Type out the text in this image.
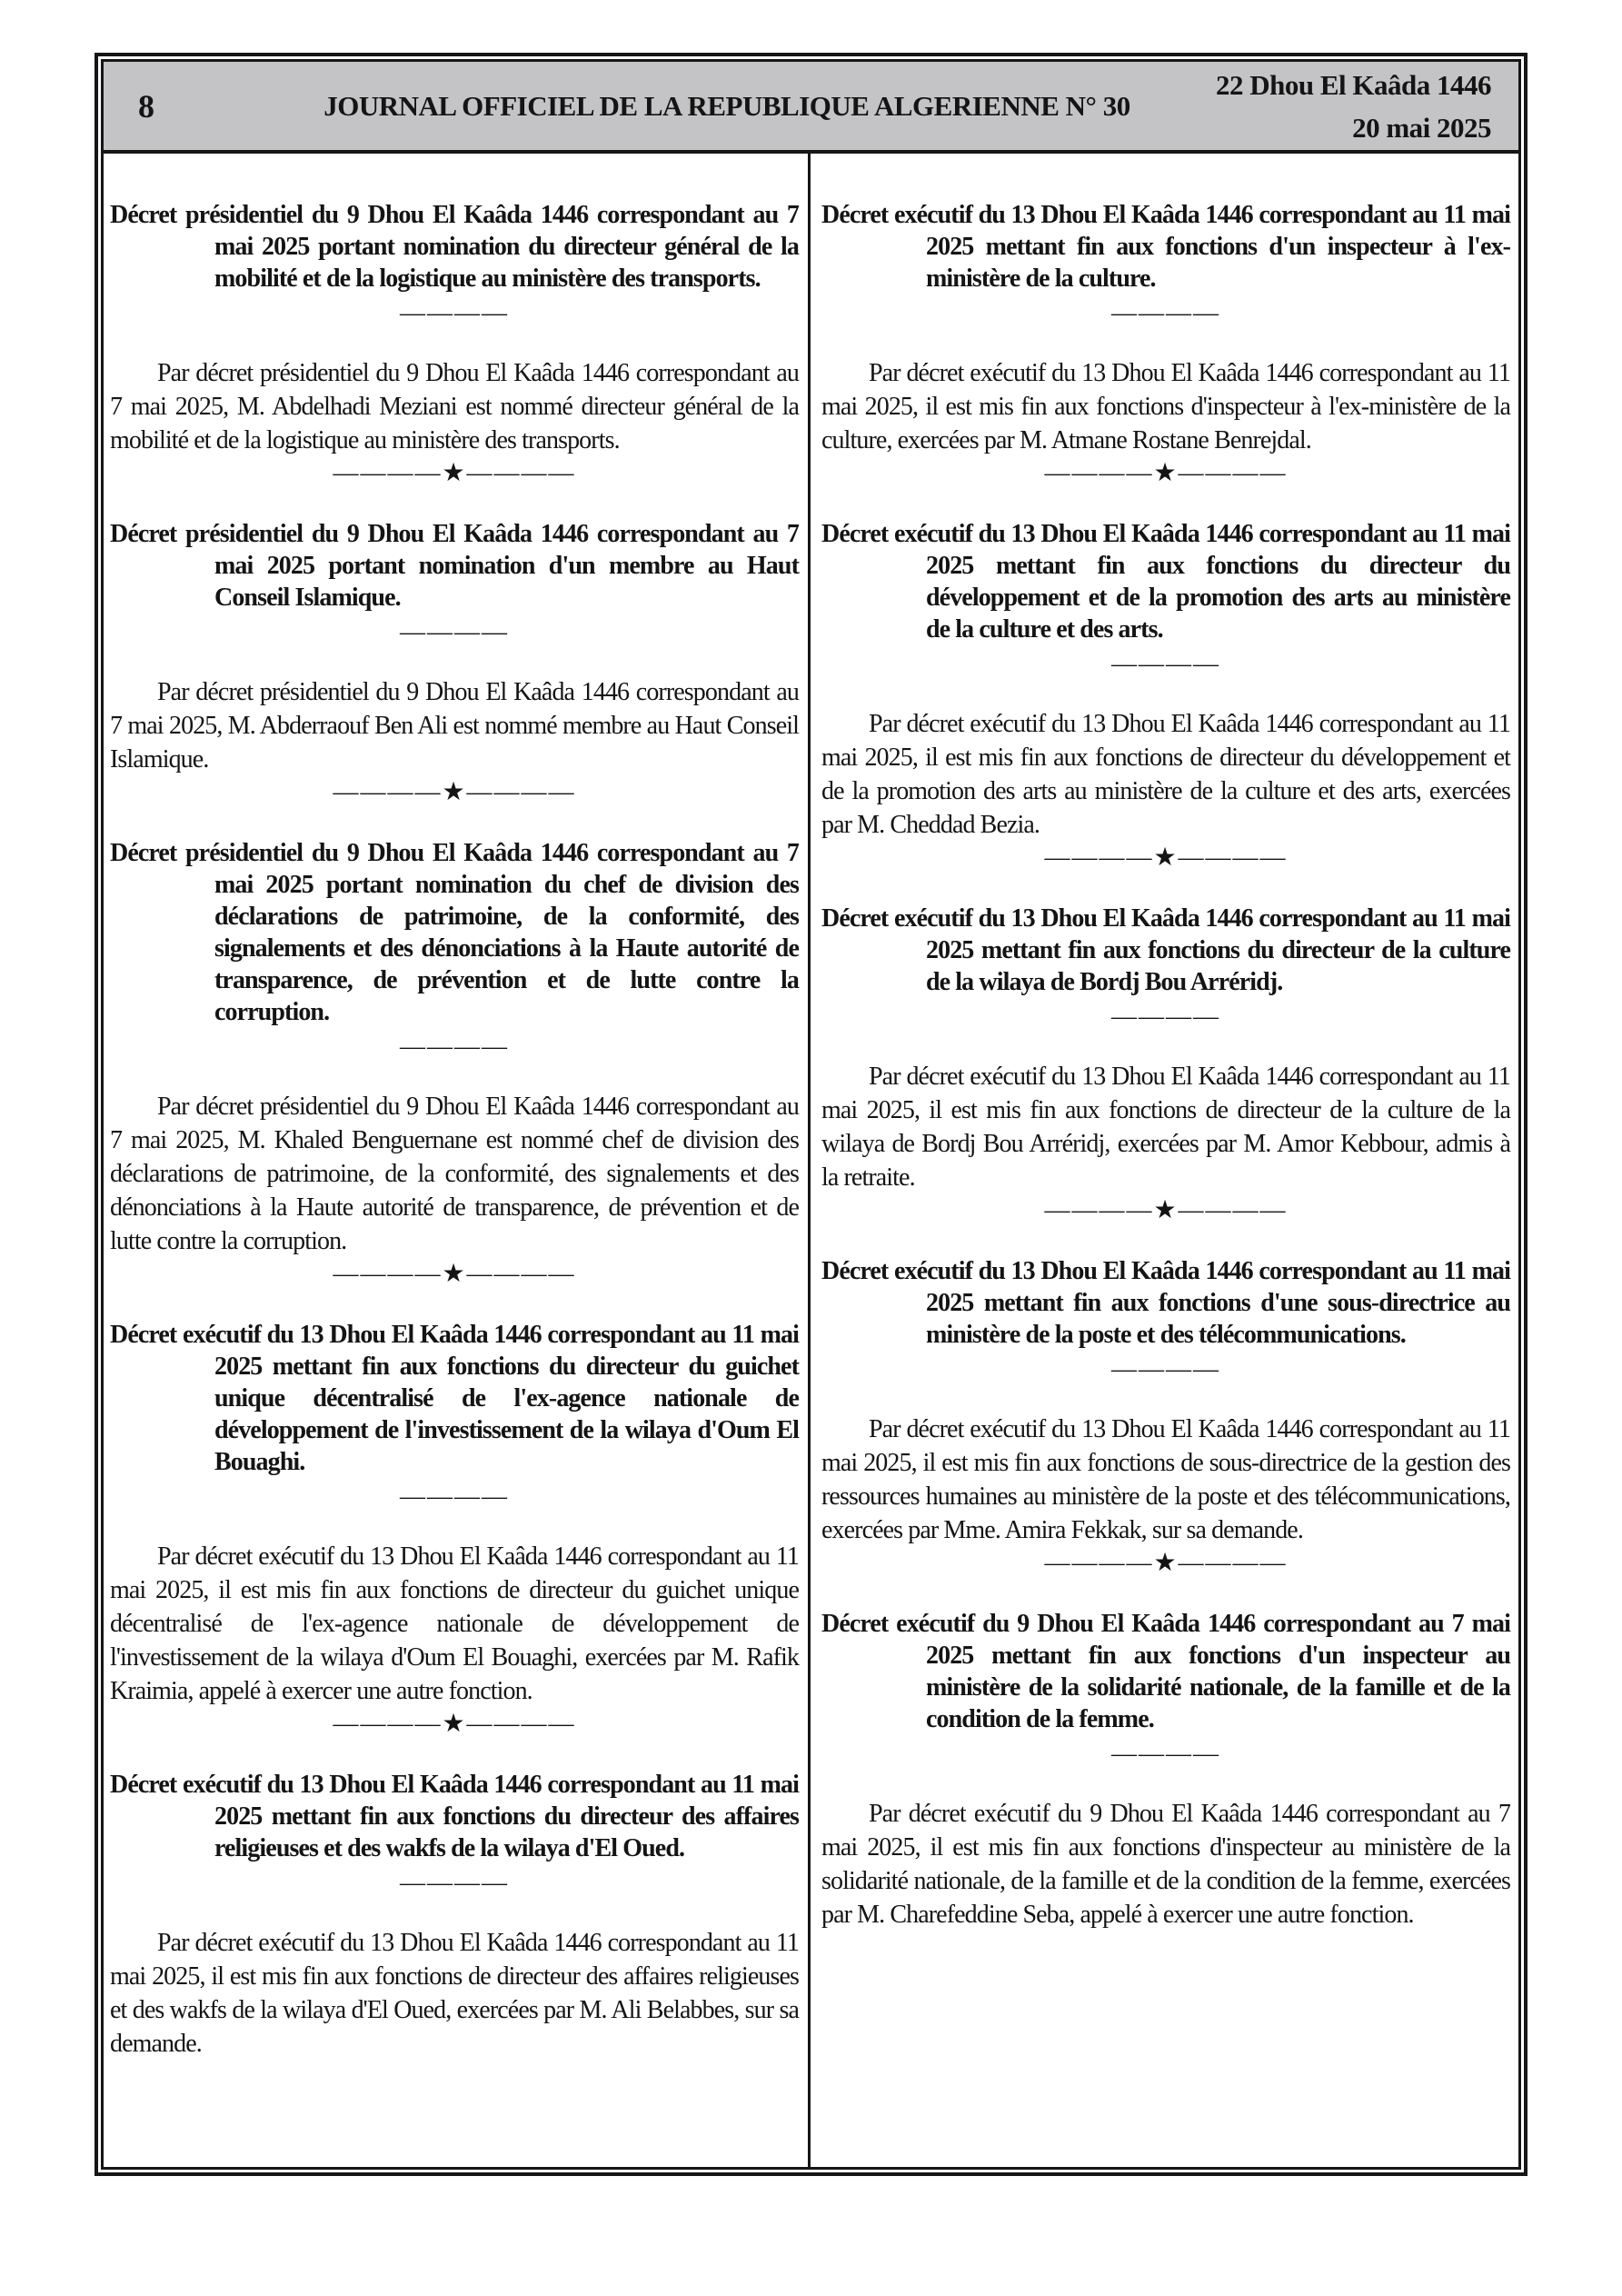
8	JOURNAL OFFICIEL DE LA REPUBLIQUE ALGERIENNE N° 30
22 Dhou El Kaâda 1446
20 mai 2025

Décret présidentiel du 9 Dhou El Kaâda 1446 correspondant au 7 mai 2025 portant nomination du directeur général de la mobilité et de la logistique au ministère des transports.

————

Par décret présidentiel du 9 Dhou El Kaâda 1446 correspondant au 7 mai 2025, M. Abdelhadi Meziani est nommé directeur général de la mobilité et de la logistique au ministère des transports.

————★————

Décret présidentiel du 9 Dhou El Kaâda 1446 correspondant au 7 mai 2025 portant nomination d'un membre au Haut Conseil Islamique.

————

Par décret présidentiel du 9 Dhou El Kaâda 1446 correspondant au 7 mai 2025, M. Abderraouf Ben Ali est nommé membre au Haut Conseil Islamique.

————★————

Décret présidentiel du 9 Dhou El Kaâda 1446 correspondant au 7 mai 2025 portant nomination du chef de division des déclarations de patrimoine, de la conformité, des signalements et des dénonciations à la Haute autorité de transparence, de prévention et de lutte contre la corruption.

————

Par décret présidentiel du 9 Dhou El Kaâda 1446 correspondant au 7 mai 2025, M. Khaled Benguernane est nommé chef de division des déclarations de patrimoine, de la conformité, des signalements et des dénonciations à la Haute autorité de transparence, de prévention et de lutte contre la corruption.

————★————

Décret exécutif du 13 Dhou El Kaâda 1446 correspondant au 11 mai 2025 mettant fin aux fonctions du directeur du guichet unique décentralisé de l'ex-agence nationale de développement de l'investissement de la wilaya d'Oum El Bouaghi.

————

Par décret exécutif du 13 Dhou El Kaâda 1446 correspondant au 11 mai 2025, il est mis fin aux fonctions de directeur du guichet unique décentralisé de l'ex-agence nationale de développement de l'investissement de la wilaya d'Oum El Bouaghi, exercées par M. Rafik Kraimia, appelé à exercer une autre fonction.

————★————

Décret exécutif du 13 Dhou El Kaâda 1446 correspondant au 11 mai 2025 mettant fin aux fonctions du directeur des affaires religieuses et des wakfs de la wilaya d'El Oued.

————

Par décret exécutif du 13 Dhou El Kaâda 1446 correspondant au 11 mai 2025, il est mis fin aux fonctions de directeur des affaires religieuses et des wakfs de la wilaya d'El Oued, exercées par M. Ali Belabbes, sur sa demande.

Décret exécutif du 13 Dhou El Kaâda 1446 correspondant au 11 mai 2025 mettant fin aux fonctions d'un inspecteur à l'ex-ministère de la culture.

————

Par décret exécutif du 13 Dhou El Kaâda 1446 correspondant au 11 mai 2025, il est mis fin aux fonctions d'inspecteur à l'ex-ministère de la culture, exercées par M. Atmane Rostane Benrejdal.

————★————

Décret exécutif du 13 Dhou El Kaâda 1446 correspondant au 11 mai 2025 mettant fin aux fonctions du directeur du développement et de la promotion des arts au ministère de la culture et des arts.

————

Par décret exécutif du 13 Dhou El Kaâda 1446 correspondant au 11 mai 2025, il est mis fin aux fonctions de directeur du développement et de la promotion des arts au ministère de la culture et des arts, exercées par M. Cheddad Bezia.

————★————

Décret exécutif du 13 Dhou El Kaâda 1446 correspondant au 11 mai 2025 mettant fin aux fonctions du directeur de la culture de la wilaya de Bordj Bou Arréridj.

————

Par décret exécutif du 13 Dhou El Kaâda 1446 correspondant au 11 mai 2025, il est mis fin aux fonctions de directeur de la culture de la wilaya de Bordj Bou Arréridj, exercées par M. Amor Kebbour, admis à la retraite.

————★————

Décret exécutif du 13 Dhou El Kaâda 1446 correspondant au 11 mai 2025 mettant fin aux fonctions d'une sous-directrice au ministère de la poste et des télécommunications.

————

Par décret exécutif du 13 Dhou El Kaâda 1446 correspondant au 11 mai 2025, il est mis fin aux fonctions de sous-directrice de la gestion des ressources humaines au ministère de la poste et des télécommunications, exercées par Mme. Amira Fekkak, sur sa demande.

————★————

Décret exécutif du 9 Dhou El Kaâda 1446 correspondant au 7 mai 2025 mettant fin aux fonctions d'un inspecteur au ministère de la solidarité nationale, de la famille et de la condition de la femme.

————

Par décret exécutif du 9 Dhou El Kaâda 1446 correspondant au 7 mai 2025, il est mis fin aux fonctions d'inspecteur au ministère de la solidarité nationale, de la famille et de la condition de la femme, exercées par M. Charefeddine Seba, appelé à exercer une autre fonction.
